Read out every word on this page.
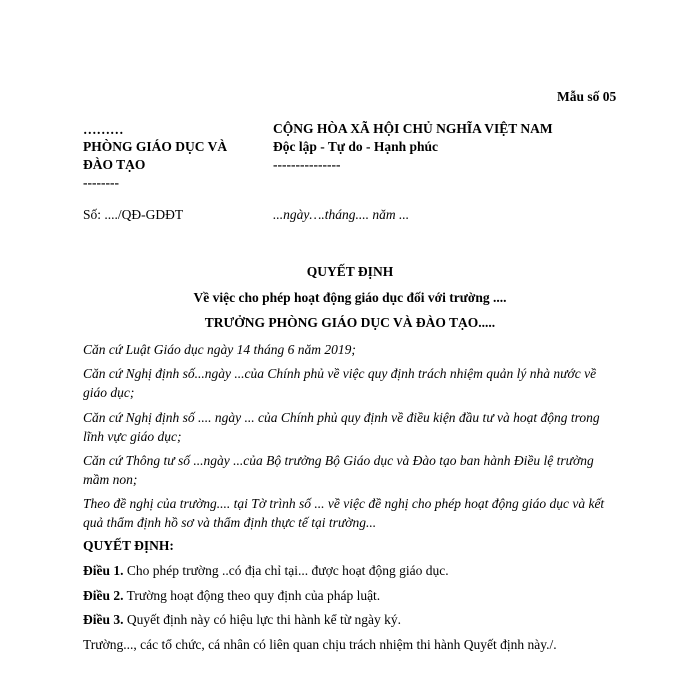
Mẫu số 05
………
PHÒNG GIÁO DỤC VÀ
ĐÀO TẠO
--------
Số: ..../QĐ-GDĐT
CỘNG HÒA XÃ HỘI CHỦ NGHĨA VIỆT NAM
Độc lập - Tự do - Hạnh phúc
---------------
...ngày….tháng.... năm ...
QUYẾT ĐỊNH
Về việc cho phép hoạt động giáo dục đối với trường ....
TRƯỞNG PHÒNG GIÁO DỤC VÀ ĐÀO TẠO.....
Căn cứ Luật Giáo dục ngày 14 tháng 6 năm 2019;
Căn cứ Nghị định số...ngày ...của Chính phủ về việc quy định trách nhiệm quản lý nhà nước về giáo dục;
Căn cứ Nghị định số .... ngày ... của Chính phủ quy định về điều kiện đầu tư và hoạt động trong lĩnh vực giáo dục;
Căn cứ Thông tư số ...ngày ...của Bộ trưởng Bộ Giáo dục và Đào tạo ban hành Điều lệ trường mầm non;
Theo đề nghị của trường.... tại Tờ trình số ... về việc đề nghị cho phép hoạt động giáo dục và kết quả thẩm định hồ sơ và thẩm định thực tế tại trường...
QUYẾT ĐỊNH:
Điều 1. Cho phép trường ..có địa chỉ tại... được hoạt động giáo dục.
Điều 2. Trường hoạt động theo quy định của pháp luật.
Điều 3. Quyết định này có hiệu lực thi hành kể từ ngày ký.
Trường..., các tổ chức, cá nhân có liên quan chịu trách nhiệm thi hành Quyết định này./.
